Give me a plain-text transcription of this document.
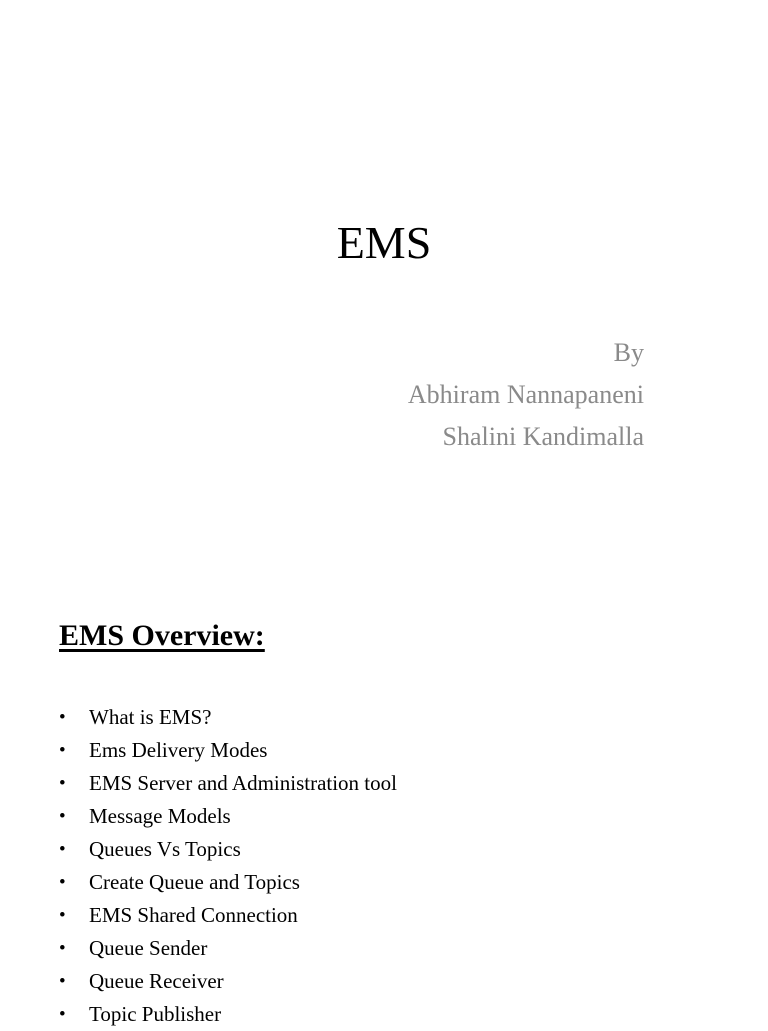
EMS
By
Abhiram Nannapaneni
Shalini Kandimalla
EMS Overview:
•	What is EMS?
•	Ems Delivery Modes
•	EMS Server and Administration tool
•	Message Models
•	Queues Vs Topics
•	Create Queue and Topics
•	EMS Shared Connection
•	Queue Sender
•	Queue Receiver
•	Topic Publisher
